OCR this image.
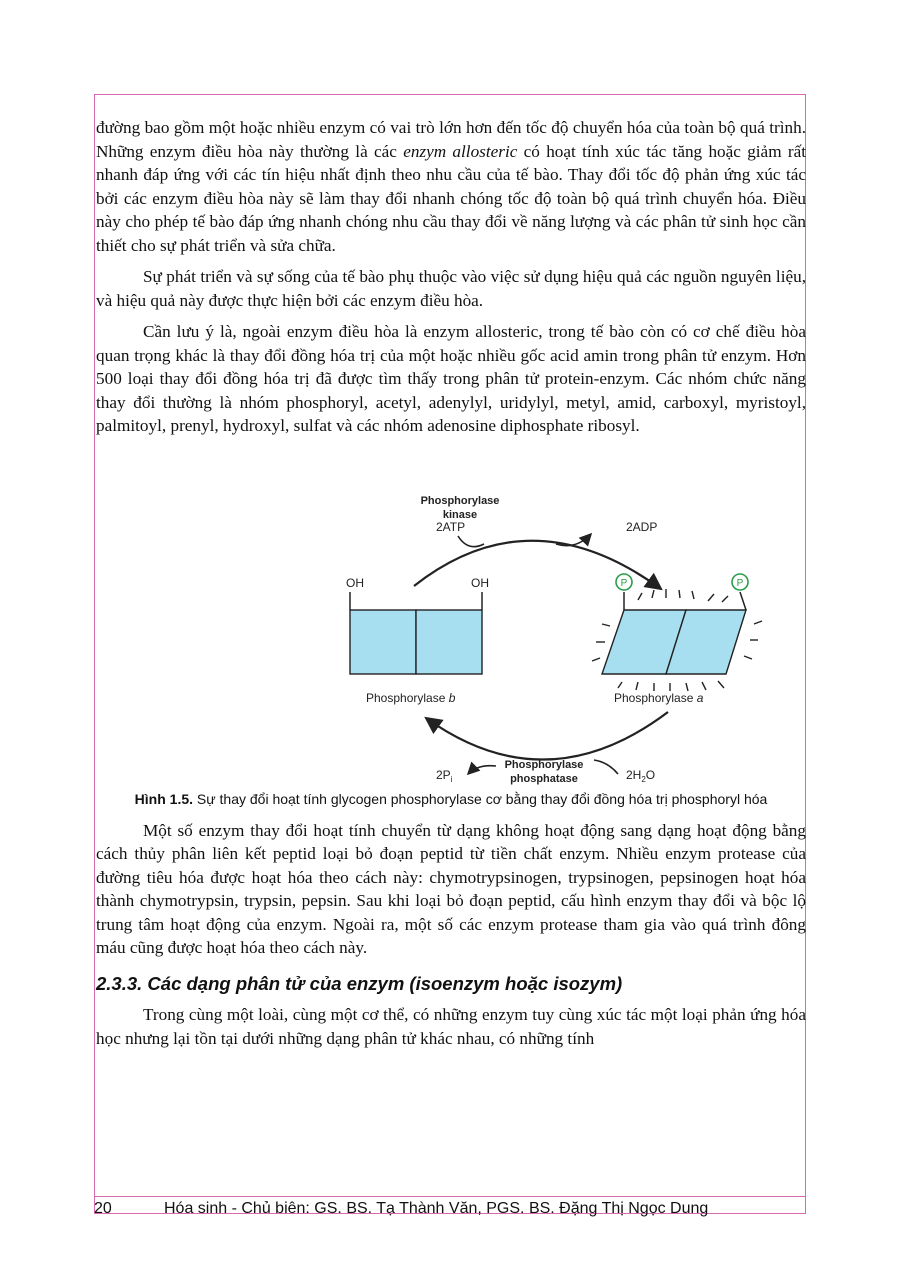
đường bao gồm một hoặc nhiều enzym có vai trò lớn hơn đến tốc độ chuyển hóa của toàn bộ quá trình. Những enzym điều hòa này thường là các enzym allosteric có hoạt tính xúc tác tăng hoặc giảm rất nhanh đáp ứng với các tín hiệu nhất định theo nhu cầu của tế bào. Thay đổi tốc độ phản ứng xúc tác bởi các enzym điều hòa này sẽ làm thay đổi nhanh chóng tốc độ toàn bộ quá trình chuyển hóa. Điều này cho phép tế bào đáp ứng nhanh chóng nhu cầu thay đổi về năng lượng và các phân tử sinh học cần thiết cho sự phát triển và sửa chữa.

Sự phát triển và sự sống của tế bào phụ thuộc vào việc sử dụng hiệu quả các nguồn nguyên liệu, và hiệu quả này được thực hiện bởi các enzym điều hòa.

Cần lưu ý là, ngoài enzym điều hòa là enzym allosteric, trong tế bào còn có cơ chế điều hòa quan trọng khác là thay đổi đồng hóa trị của một hoặc nhiều gốc acid amin trong phân tử enzym. Hơn 500 loại thay đổi đồng hóa trị đã được tìm thấy trong phân tử protein-enzym. Các nhóm chức năng thay đổi thường là nhóm phosphoryl, acetyl, adenylyl, uridylyl, metyl, amid, carboxyl, myristoyl, palmitoyl, prenyl, hydroxyl, sulfat và các nhóm adenosine diphosphate ribosyl.

Phosphorylase
kinase
2ATP	2ADP
OH	OH
Phosphorylase b
P	P
Phosphorylase a
$2P_i$	$2H_2O$
Phosphorylase
phosphatase
Hình 1.5. Sự thay đổi hoạt tính glycogen phosphorylase cơ bằng thay đổi đồng hóa trị phosphoryl hóa

Một số enzym thay đổi hoạt tính chuyển từ dạng không hoạt động sang dạng hoạt động bằng cách thủy phân liên kết peptid loại bỏ đoạn peptid từ tiền chất enzym. Nhiều enzym protease của đường tiêu hóa được hoạt hóa theo cách này: chymotrypsinogen, trypsinogen, pepsinogen hoạt hóa thành chymotrypsin, trypsin, pepsin. Sau khi loại bỏ đoạn peptid, cấu hình enzym thay đổi và bộc lộ trung tâm hoạt động của enzym. Ngoài ra, một số các enzym protease tham gia vào quá trình đông máu cũng được hoạt hóa theo cách này.

2.3.3. Các dạng phân tử của enzym (isoenzym hoặc isozym)

Trong cùng một loài, cùng một cơ thể, có những enzym tuy cùng xúc tác một loại phản ứng hóa học nhưng lại tồn tại dưới những dạng phân tử khác nhau, có những tính

20	Hóa sinh - Chủ biên: GS. BS. Tạ Thành Văn, PGS. BS. Đặng Thị Ngọc Dung
